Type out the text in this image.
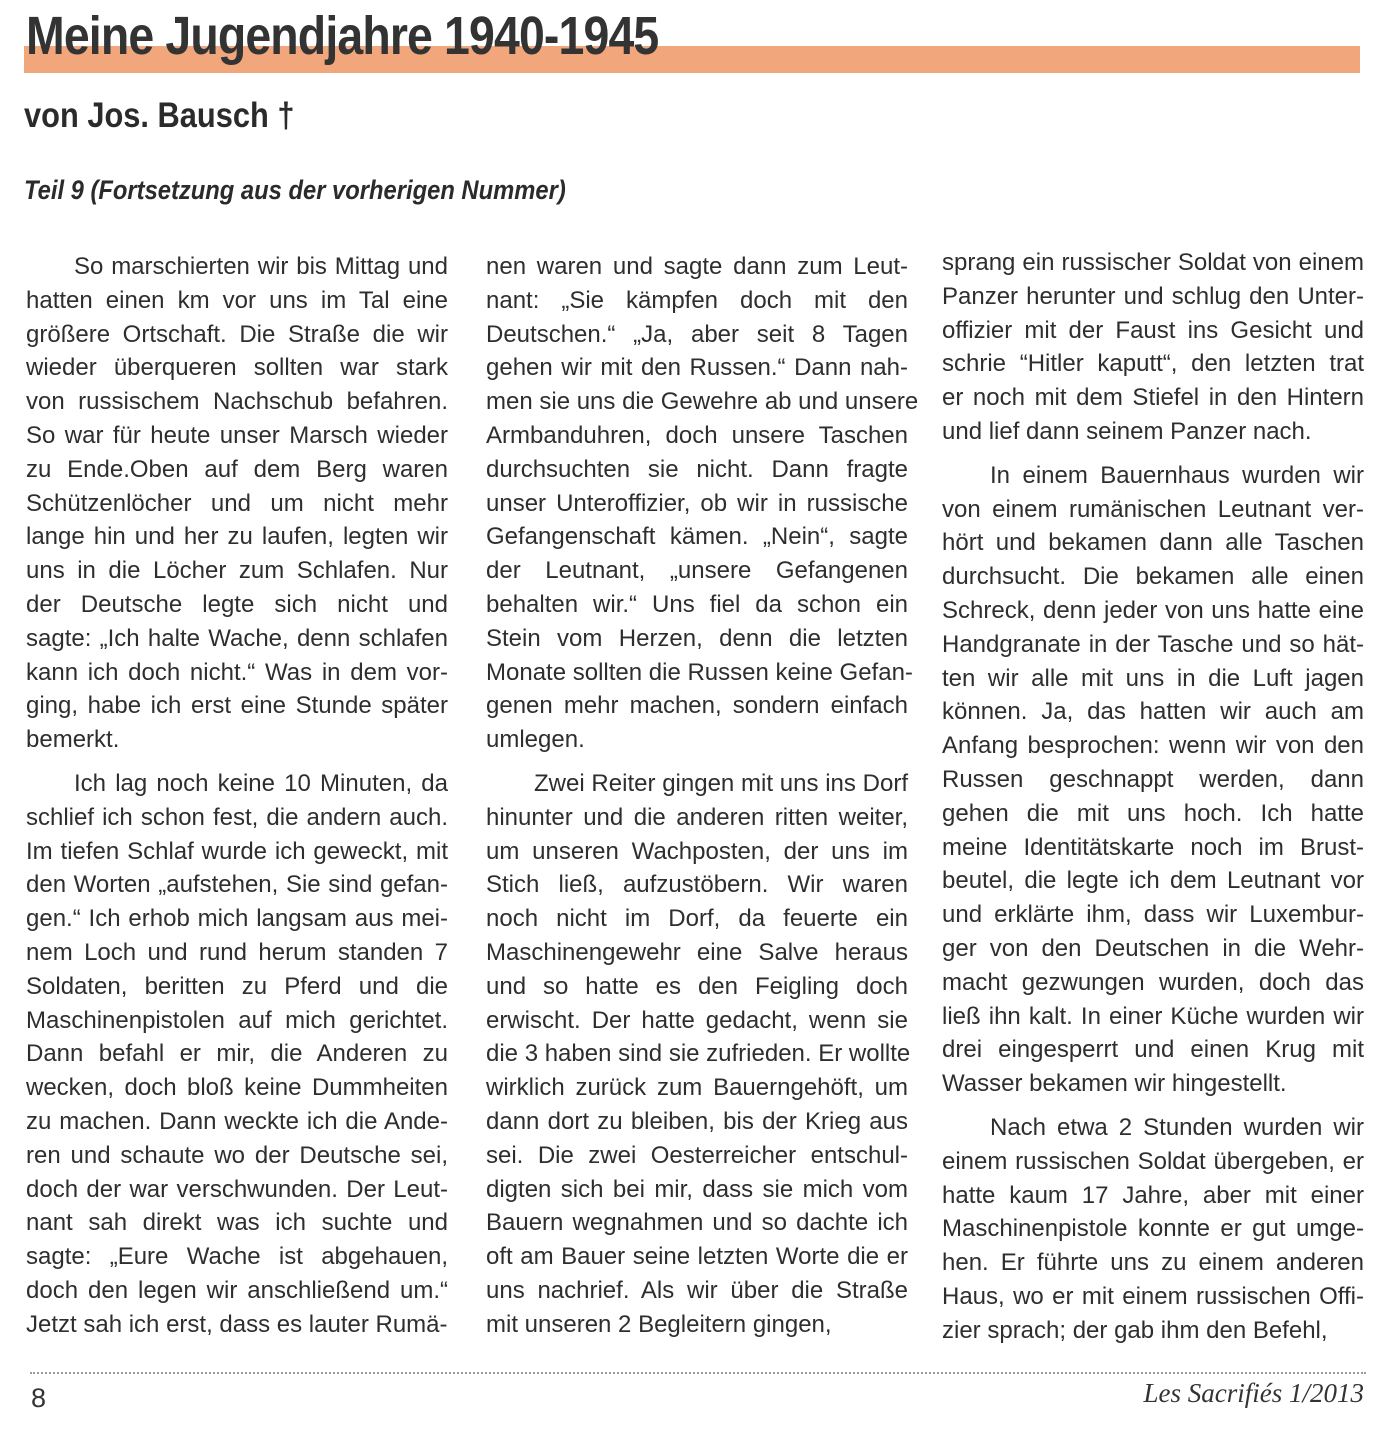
Meine Jugendjahre 1940-1945
von Jos. Bausch †
Teil 9 (Fortsetzung aus der vorherigen Nummer)

So marschierten wir bis Mittag und
hatten einen km vor uns im Tal eine
größere Ortschaft. Die Straße die wir
wieder überqueren sollten war stark
von russischem Nachschub befahren.
So war für heute unser Marsch wieder
zu Ende.Oben auf dem Berg waren
Schützenlöcher und um nicht mehr
lange hin und her zu laufen, legten wir
uns in die Löcher zum Schlafen. Nur
der Deutsche legte sich nicht und
sagte: „Ich halte Wache, denn schlafen
kann ich doch nicht.“ Was in dem vor-
ging, habe ich erst eine Stunde später
bemerkt.

Ich lag noch keine 10 Minuten, da
schlief ich schon fest, die andern auch.
Im tiefen Schlaf wurde ich geweckt, mit
den Worten „aufstehen, Sie sind gefan-
gen.“ Ich erhob mich langsam aus mei-
nem Loch und rund herum standen 7
Soldaten, beritten zu Pferd und die
Maschinenpistolen auf mich gerichtet.
Dann befahl er mir, die Anderen zu
wecken, doch bloß keine Dummheiten
zu machen. Dann weckte ich die Ande-
ren und schaute wo der Deutsche sei,
doch der war verschwunden. Der Leut-
nant sah direkt was ich suchte und
sagte: „Eure Wache ist abgehauen,
doch den legen wir anschließend um.“
Jetzt sah ich erst, dass es lauter Rumä-

nen waren und sagte dann zum Leut-
nant: „Sie kämpfen doch mit den
Deutschen.“ „Ja, aber seit 8 Tagen
gehen wir mit den Russen.“ Dann nah-
men sie uns die Gewehre ab und unsere
Armbanduhren, doch unsere Taschen
durchsuchten sie nicht. Dann fragte
unser Unteroffizier, ob wir in russische
Gefangenschaft kämen. „Nein“, sagte
der Leutnant, „unsere Gefangenen
behalten wir.“ Uns fiel da schon ein
Stein vom Herzen, denn die letzten
Monate sollten die Russen keine Gefan-
genen mehr machen, sondern einfach
umlegen.

Zwei Reiter gingen mit uns ins Dorf
hinunter und die anderen ritten weiter,
um unseren Wachposten, der uns im
Stich ließ, aufzustöbern. Wir waren
noch nicht im Dorf, da feuerte ein
Maschinengewehr eine Salve heraus
und so hatte es den Feigling doch
erwischt. Der hatte gedacht, wenn sie
die 3 haben sind sie zufrieden. Er wollte
wirklich zurück zum Bauerngehöft, um
dann dort zu bleiben, bis der Krieg aus
sei. Die zwei Oesterreicher entschul-
digten sich bei mir, dass sie mich vom
Bauern wegnahmen und so dachte ich
oft am Bauer seine letzten Worte die er
uns nachrief. Als wir über die Straße
mit unseren 2 Begleitern gingen,

sprang ein russischer Soldat von einem
Panzer herunter und schlug den Unter-
offizier mit der Faust ins Gesicht und
schrie “Hitler kaputt“, den letzten trat
er noch mit dem Stiefel in den Hintern
und lief dann seinem Panzer nach.

In einem Bauernhaus wurden wir
von einem rumänischen Leutnant ver-
hört und bekamen dann alle Taschen
durchsucht. Die bekamen alle einen
Schreck, denn jeder von uns hatte eine
Handgranate in der Tasche und so hät-
ten wir alle mit uns in die Luft jagen
können. Ja, das hatten wir auch am
Anfang besprochen: wenn wir von den
Russen geschnappt werden, dann
gehen die mit uns hoch. Ich hatte
meine Identitätskarte noch im Brust-
beutel, die legte ich dem Leutnant vor
und erklärte ihm, dass wir Luxembur-
ger von den Deutschen in die Wehr-
macht gezwungen wurden, doch das
ließ ihn kalt. In einer Küche wurden wir
drei eingesperrt und einen Krug mit
Wasser bekamen wir hingestellt.

Nach etwa 2 Stunden wurden wir
einem russischen Soldat übergeben, er
hatte kaum 17 Jahre, aber mit einer
Maschinenpistole konnte er gut umge-
hen. Er führte uns zu einem anderen
Haus, wo er mit einem russischen Offi-
zier sprach; der gab ihm den Befehl,

8	Les Sacrifiés 1/2013
